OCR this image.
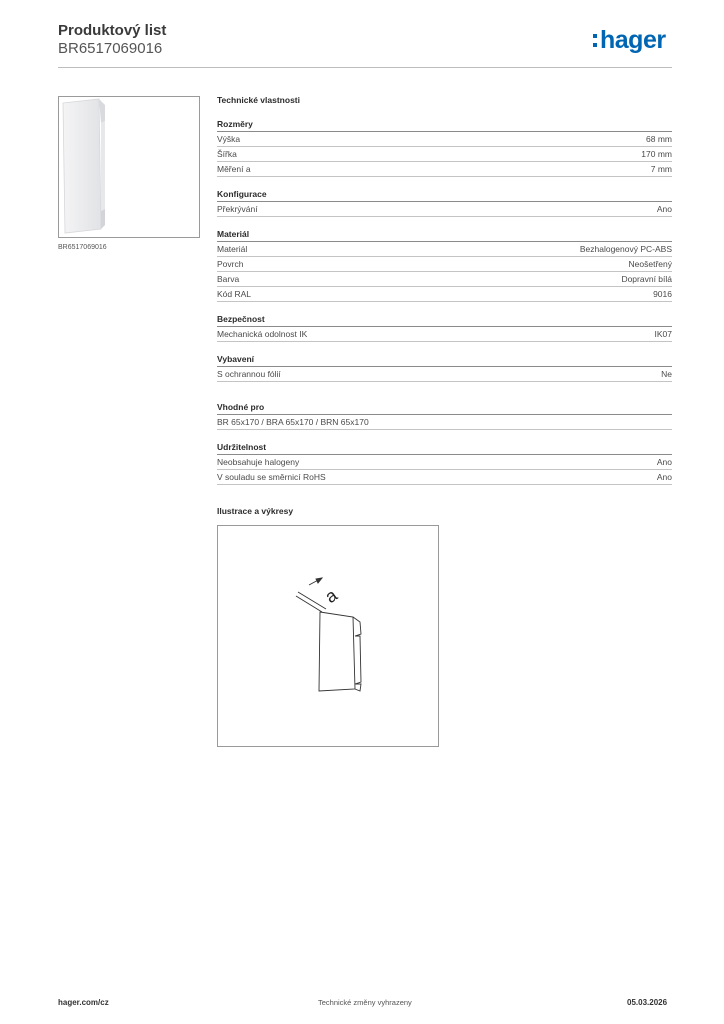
Produktový list
BR6517069016	hager
BR6517069016
Technické vlastnosti
Rozměry
Výška	68 mm
Šířka	170 mm
Měření a	7 mm
Konfigurace
Překrývání	Ano
Materiál
Materiál	Bezhalogenový PC-ABS
Povrch	Neošetřený
Barva	Dopravní bílá
Kód RAL	9016
Bezpečnost
Mechanická odolnost IK	IK07
Vybavení
S ochrannou fólií	Ne
Vhodné pro
BR 65x170 / BRA 65x170 / BRN 65x170
Udržitelnost
Neobsahuje halogeny	Ano
V souladu se směrnicí RoHS	Ano
Ilustrace a výkresy
a
hager.com/cz	Technické změny vyhrazeny	05.03.2026
